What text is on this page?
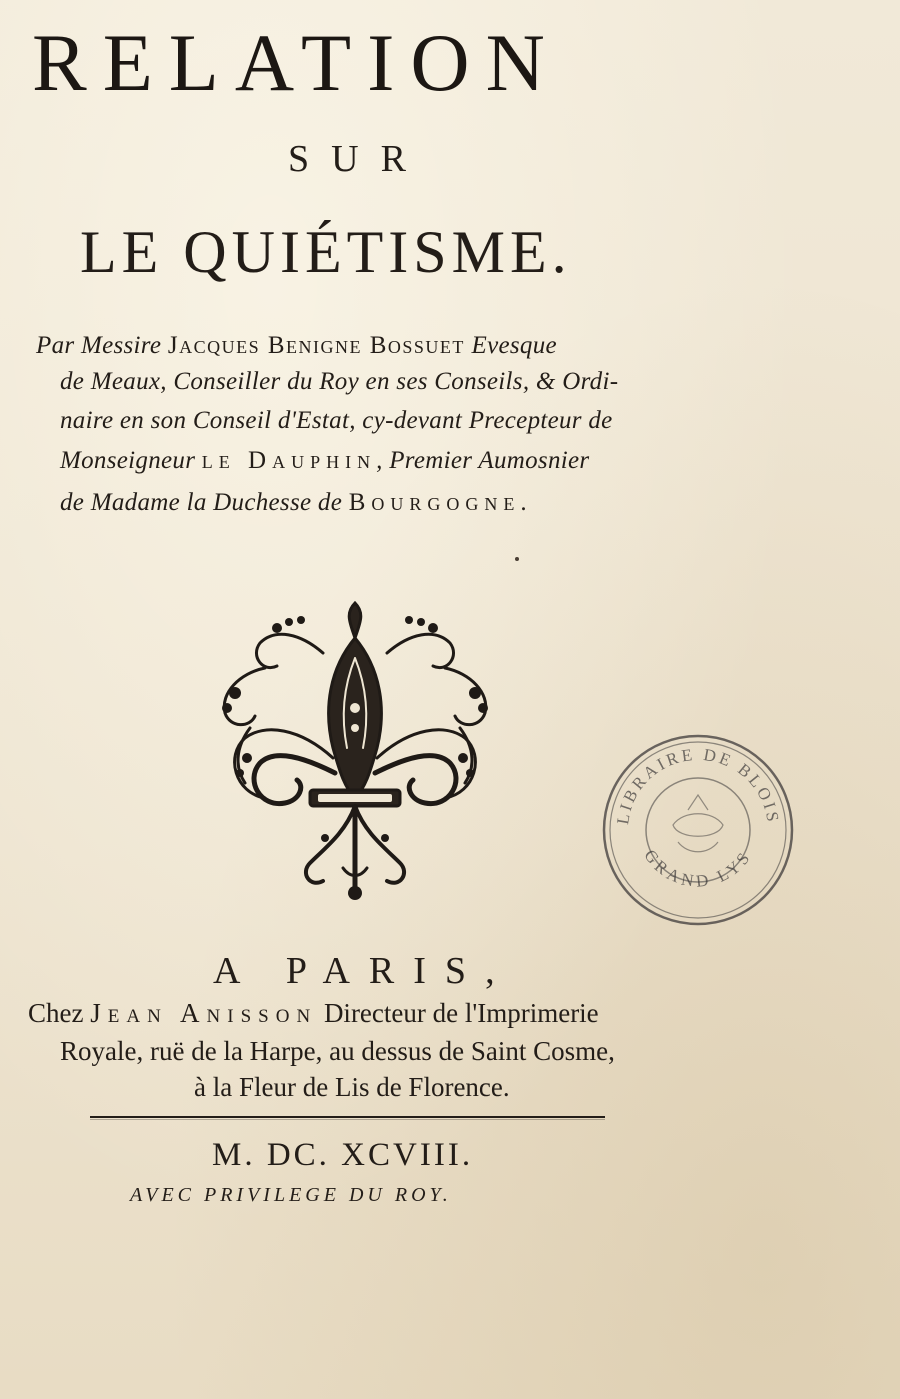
RELATION
SUR
LE QUIÉTISME.
Par Messire Jacques Benigne Bossuet Evesque
de Meaux, Conseiller du Roy en ses Conseils, & Ordi-
naire en son Conseil d'Estat, cy-devant Precepteur de
Monseigneur le Dauphin, Premier Aumosnier
de Madame la Duchesse de Bourgogne.
LIBRAIRE DE BLOIS
GRAND LYS
A PARIS,
Chez Jean Anisson Directeur de l'Imprimerie
Royale, ruë de la Harpe, au dessus de Saint Cosme,
à la Fleur de Lis de Florence.
M. DC. XCVIII.
AVEC PRIVILEGE DU ROY.
